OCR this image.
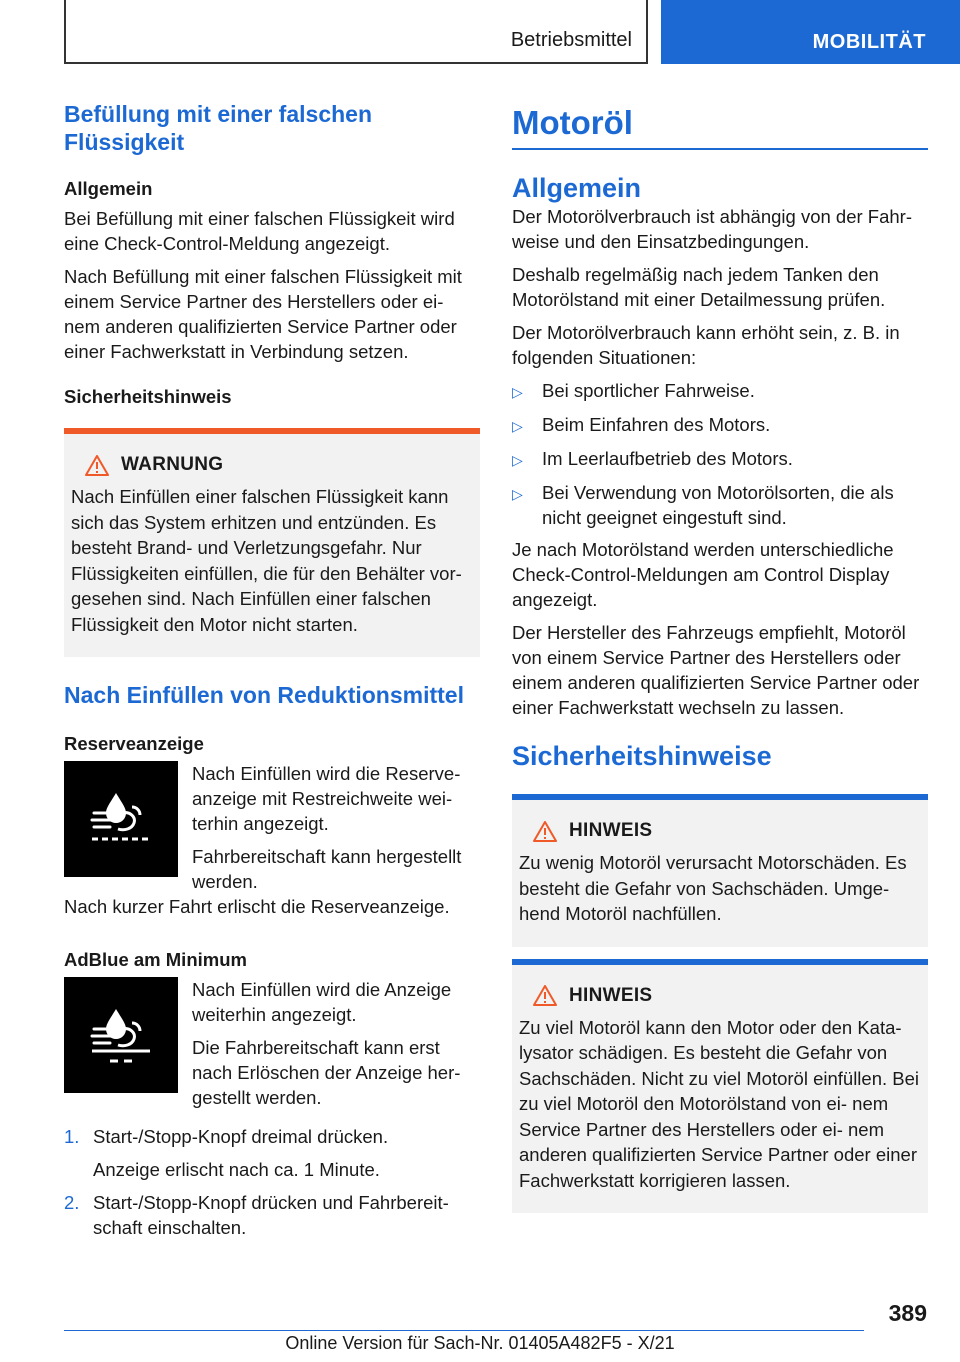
Betriebsmittel	MOBILITÄT
Befüllung mit einer falschen Flüssigkeit
Allgemein

Bei Befüllung mit einer falschen Flüssigkeit wird eine Check-Control-Meldung angezeigt.

Nach Befüllung mit einer falschen Flüssigkeit mit einem Service Partner des Herstellers oder ei- nem anderen qualifizierten Service Partner oder einer Fachwerkstatt in Verbindung setzen.

Sicherheitshinweis
WARNUNG

Nach Einfüllen einer falschen Flüssigkeit kann sich das System erhitzen und entzünden. Es besteht Brand- und Verletzungsgefahr. Nur Flüssigkeiten einfüllen, die für den Behälter vor- gesehen sind. Nach Einfüllen einer falschen Flüssigkeit den Motor nicht starten.

Nach Einfüllen von Reduktionsmittel
Reserveanzeige

Nach Einfüllen wird die Reserve- anzeige mit Restreichweite wei- terhin angezeigt.

Fahrbereitschaft kann hergestellt werden.

Nach kurzer Fahrt erlischt die Reserveanzeige.

AdBlue am Minimum

Nach Einfüllen wird die Anzeige weiterhin angezeigt.

Die Fahrbereitschaft kann erst nach Erlöschen der Anzeige her- gestellt werden.

1. Start-/Stopp-Knopf dreimal drücken.
Anzeige erlischt nach ca. 1 Minute.
2. Start-/Stopp-Knopf drücken und Fahrbereit- schaft einschalten.
Motoröl
Allgemein

Der Motorölverbrauch ist abhängig von der Fahr- weise und den Einsatzbedingungen.

Deshalb regelmäßig nach jedem Tanken den Motorölstand mit einer Detailmessung prüfen.

Der Motorölverbrauch kann erhöht sein, z. B. in folgenden Situationen:

▷	Bei sportlicher Fahrweise.
▷	Beim Einfahren des Motors.
▷	Im Leerlaufbetrieb des Motors.
▷	Bei Verwendung von Motorölsorten, die als nicht geeignet eingestuft sind.

Je nach Motorölstand werden unterschiedliche Check-Control-Meldungen am Control Display angezeigt.

Der Hersteller des Fahrzeugs empfiehlt, Motoröl von einem Service Partner des Herstellers oder einem anderen qualifizierten Service Partner oder einer Fachwerkstatt wechseln zu lassen.

Sicherheitshinweise
HINWEIS

Zu wenig Motoröl verursacht Motorschäden. Es besteht die Gefahr von Sachschäden. Umge- hend Motoröl nachfüllen.

HINWEIS

Zu viel Motoröl kann den Motor oder den Kata- lysator schädigen. Es besteht die Gefahr von Sachschäden. Nicht zu viel Motoröl einfüllen. Bei zu viel Motoröl den Motorölstand von ei- nem Service Partner des Herstellers oder ei- nem anderen qualifizierten Service Partner oder einer Fachwerkstatt korrigieren lassen.

389
Online Version für Sach-Nr. 01405A482F5 - X/21
